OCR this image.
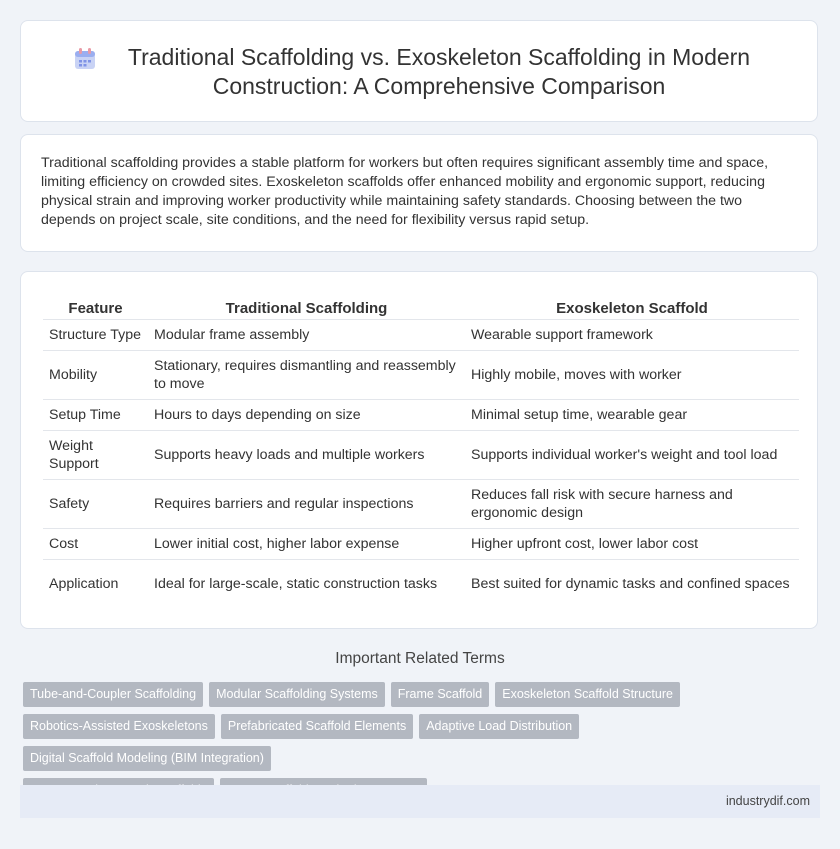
Traditional Scaffolding vs. Exoskeleton Scaffolding in Modern Construction: A Comprehensive Comparison

Traditional scaffolding provides a stable platform for workers but often requires significant assembly time and space, limiting efficiency on crowded sites. Exoskeleton scaffolds offer enhanced mobility and ergonomic support, reducing physical strain and improving worker productivity while maintaining safety standards. Choosing between the two depends on project scale, site conditions, and the need for flexibility versus rapid setup.

Feature	Traditional Scaffolding	Exoskeleton Scaffold
Structure Type	Modular frame assembly	Wearable support framework
Mobility	Stationary, requires dismantling and reassembly to move	Highly mobile, moves with worker
Setup Time	Hours to days depending on size	Minimal setup time, wearable gear
Weight Support	Supports heavy loads and multiple workers	Supports individual worker's weight and tool load
Safety	Requires barriers and regular inspections	Reduces fall risk with secure harness and ergonomic design
Cost	Lower initial cost, higher labor expense	Higher upfront cost, lower labor cost
Application	Ideal for large-scale, static construction tasks	Best suited for dynamic tasks and confined spaces
Important Related Terms
Tube-and-Coupler Scaffolding Modular Scaffolding Systems Frame Scaffold Exoskeleton Scaffold Structure
Robotics-Assisted Exoskeletons Prefabricated Scaffold Elements Adaptive Load DistributionDigital Scaffold Modeling (BIM Integration)

industrydif.com
